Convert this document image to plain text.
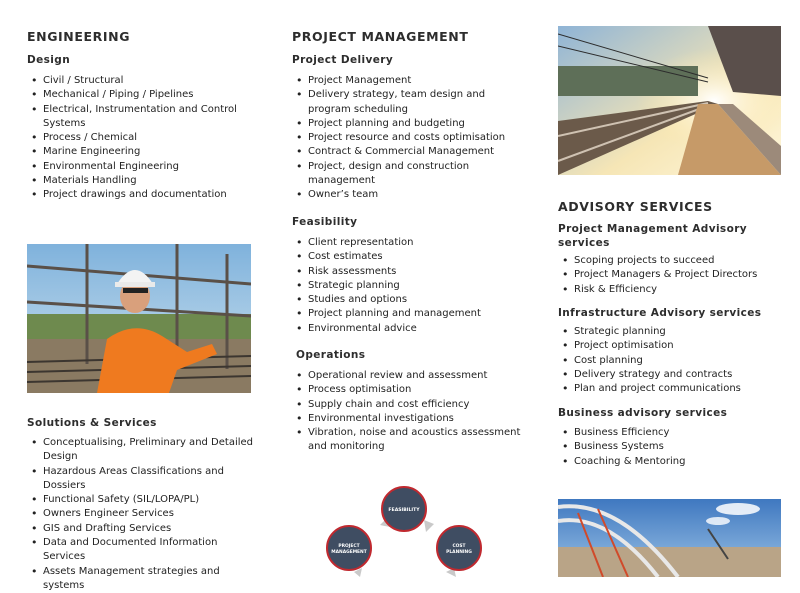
ENGINEERING
Design
• Civil / Structural
• Mechanical / Piping / Pipelines
• Electrical, Instrumentation and Control Systems
• Process / Chemical
• Marine Engineering
• Environmental Engineering
• Materials Handling
• Project drawings and documentation
Solutions & Services
• Conceptualising, Preliminary and Detailed Design
• Hazardous Areas Classifications and Dossiers
• Functional Safety (SIL/LOPA/PL)
• Owners Engineer Services
• GIS and Drafting Services
• Data and Documented Information Services
• Assets Management strategies and systems
PROJECT MANAGEMENT
Project Delivery
• Project Management
• Delivery strategy, team design and program scheduling
• Project planning and budgeting
• Project resource and costs optimisation
• Contract & Commercial Management
• Project, design and construction management
• Owner’s team
Feasibility
• Client representation
• Cost estimates
• Risk assessments
• Strategic planning
• Studies and options
• Project planning and management
• Environmental advice
Operations
• Operational review and assessment
• Process optimisation
• Supply chain and cost efficiency
• Environmental investigations
• Vibration, noise and acoustics assessment and monitoring
FEASIBILITY
PROJECT
MANAGEMENT
COST
PLANNING
ADVISORY SERVICES
Project Management Advisory services
• Scoping projects to succeed
• Project Managers & Project Directors
• Risk & Efficiency
Infrastructure Advisory services
• Strategic planning
• Project optimisation
• Cost planning
• Delivery strategy and contracts
• Plan and project communications
Business advisory services
• Business Efficiency
• Business Systems
• Coaching & Mentoring
